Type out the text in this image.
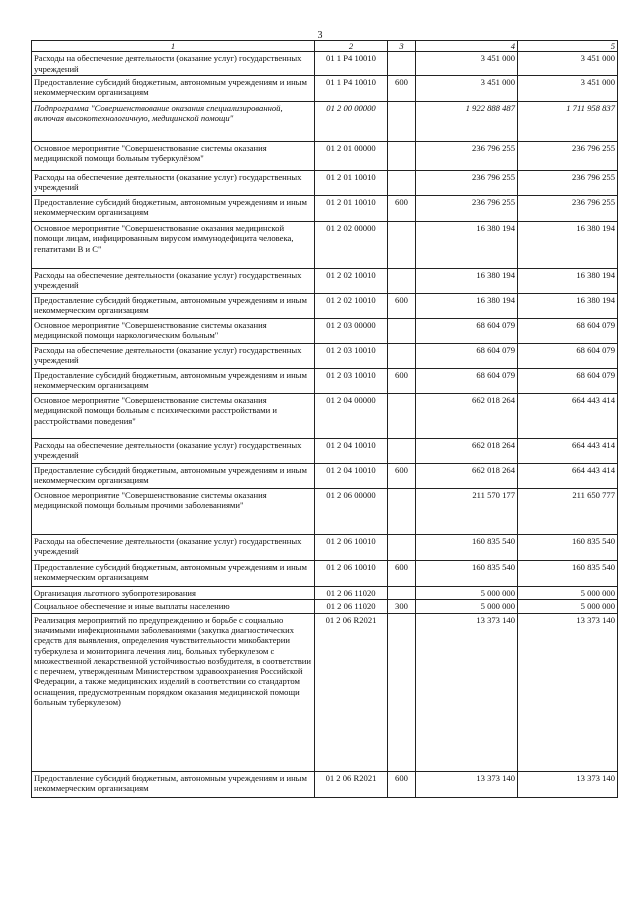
3
1	2	3	4	5
Расходы на обеспечение деятельности (оказание услуг) государственных учреждений	01 1 Р4 10010		3 451 000	3 451 000
Предоставление субсидий бюджетным, автономным учреждениям и иным некоммерческим организациям	01 1 Р4 10010	600	3 451 000	3 451 000
Подпрограмма "Совершенствование оказания специализированной, включая высокотехнологичную, медицинской помощи"	01 2 00 00000		1 922 888 487	1 711 958 837
Основное мероприятие "Совершенствование системы оказания медицинской помощи больным туберкулёзом"	01 2 01 00000		236 796 255	236 796 255
Расходы на обеспечение деятельности (оказание услуг) государственных учреждений	01 2 01 10010		236 796 255	236 796 255
Предоставление субсидий бюджетным, автономным учреждениям и иным некоммерческим организациям	01 2 01 10010	600	236 796 255	236 796 255
Основное мероприятие "Совершенствование оказания медицинской помощи лицам, инфицированным вирусом иммунодефицита человека, гепатитами В и С"	01 2 02 00000		16 380 194	16 380 194
Расходы на обеспечение деятельности (оказание услуг) государственных учреждений	01 2 02 10010		16 380 194	16 380 194
Предоставление субсидий бюджетным, автономным учреждениям и иным некоммерческим организациям	01 2 02 10010	600	16 380 194	16 380 194
Основное мероприятие "Совершенствование системы оказания медицинской помощи наркологическим больным"	01 2 03 00000		68 604 079	68 604 079
Расходы на обеспечение деятельности (оказание услуг) государственных учреждений	01 2 03 10010		68 604 079	68 604 079
Предоставление субсидий бюджетным, автономным учреждениям и иным некоммерческим организациям	01 2 03 10010	600	68 604 079	68 604 079
Основное мероприятие "Совершенствование системы оказания медицинской помощи больным с психическими расстройствами и расстройствами поведения"	01 2 04 00000		662 018 264	664 443 414
Расходы на обеспечение деятельности (оказание услуг) государственных учреждений	01 2 04 10010		662 018 264	664 443 414
Предоставление субсидий бюджетным, автономным учреждениям и иным некоммерческим организациям	01 2 04 10010	600	662 018 264	664 443 414
Основное мероприятие "Совершенствование системы оказания медицинской помощи больным прочими заболеваниями"	01 2 06 00000		211 570 177	211 650 777
Расходы на обеспечение деятельности (оказание услуг) государственных учреждений	01 2 06 10010		160 835 540	160 835 540
Предоставление субсидий бюджетным, автономным учреждениям и иным некоммерческим организациям	01 2 06 10010	600	160 835 540	160 835 540
Организация льготного зубопротезирования	01 2 06 11020		5 000 000	5 000 000
Социальное обеспечение и иные выплаты населению	01 2 06 11020	300	5 000 000	5 000 000
Реализация мероприятий по предупреждению и борьбе с социально значимыми инфекционными заболеваниями (закупка диагностических средств для выявления, определения чувствительности микобактерии туберкулеза и мониторинга лечения лиц, больных туберкулезом с множественной лекарственной устойчивостью возбудителя, в соответствии с перечнем, утвержденным Министерством здравоохранения Российской Федерации, а также медицинских изделий в соответствии со стандартом оснащения, предусмотренным порядком оказания медицинской помощи больным туберкулезом)	01 2 06 R2021		13 373 140	13 373 140
Предоставление субсидий бюджетным, автономным учреждениям и иным некоммерческим организациям	01 2 06 R2021	600	13 373 140	13 373 140
